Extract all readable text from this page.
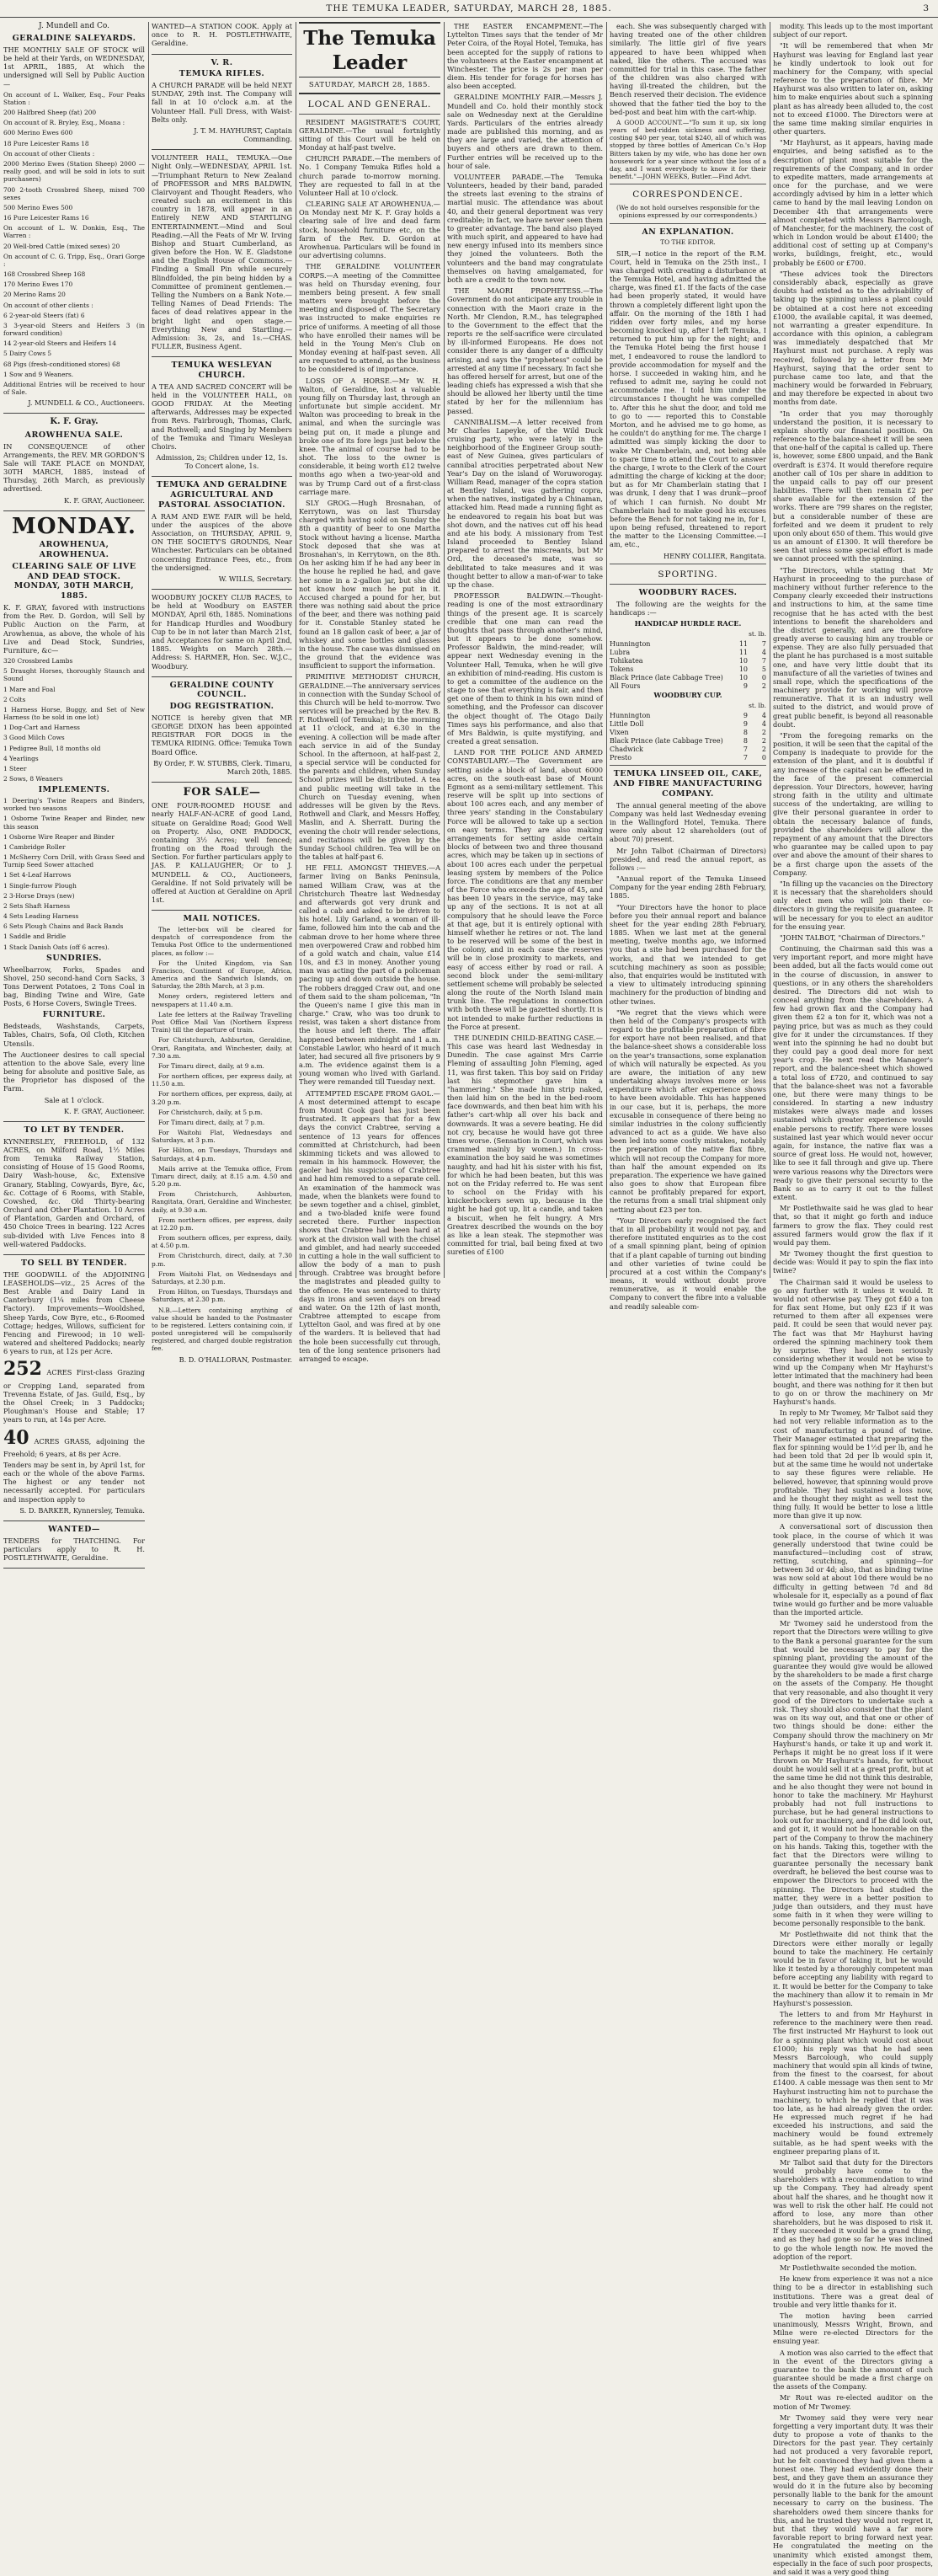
THE TEMUKA LEADER, SATURDAY, MARCH 28, 1885.	3

J. Mundell and Co.

GERALDINE SALEYARDS.

THE MONTHLY SALE OF STOCK will be held at their Yards, on WEDNESDAY, 1st APRIL, 1885, At which the undersigned will Sell by Public Auction—

On account of L. Walker, Esq., Four Peaks Station :

200 Halfbred Sheep (fat) 200

On account of R. Bryley, Esq., Moana :

600 Merino Ewes 600

18 Pure Leicester Rams 18

On account of other Clients :

2000 Merino Ewes (Station Sheep) 2000 —really good, and will be sold in lots to suit purchasers)

700 2-tooth Crossbred Sheep, mixed 700 sexes

500 Merino Ewes 500

16 Pure Leicester Rams 16

On account of L. W. Donkin, Esq., The Warren :

20 Well-bred Cattle (mixed sexes) 20

On account of C. G. Tripp, Esq., Orari Gorge :

168 Crossbred Sheep 168

170 Merino Ewes 170

20 Merino Rams 20

On account of other clients :

6 2-year-old Steers (fat) 6

3 3-year-old Steers and Heifers 3 (in forward condition)

14 2-year-old Steers and Heifers 14

5 Dairy Cows 5

68 Pigs (fresh-conditioned stores) 68

1 Sow and 9 Weaners.

Additional Entries will be received to hour of Sale.

J. MUNDELL & CO., Auctioneers.

K. F. Gray.

AROWHENUA SALE.

IN CONSEQUENCE of other Arrangements, the REV. MR GORDON'S Sale will TAKE PLACE on MONDAY, 30TH MARCH, 1885, instead of Thursday, 26th March, as previously advertised.

K. F. GRAY, Auctioneer.

MONDAY.

AROWHENUA, AROWHENUA.

CLEARING SALE OF LIVE AND DEAD STOCK. MONDAY, 30TH MARCH, 1885.

K. F. GRAY, favored with instructions from the Rev. D. Gordon, will Sell by Public Auction on the Farm, at Arowhenua, as above, the whole of his Live and Dead Stock, Sundries, Furniture, &c—

320 Crossbred Lambs

5 Draught Horses, thoroughly Staunch and Sound

1 Mare and Foal

2 Colts

1 Harness Horse, Buggy, and Set of New Harness (to be sold in one lot)

1 Dog-Cart and Harness

3 Good Milch Cows

1 Pedigree Bull, 18 months old

4 Yearlings

1 Steer

2 Sows, 8 Weaners

IMPLEMENTS.

1 Deering's Twine Reapers and Binders, worked two seasons

1 Osborne Twine Reaper and Binder, new this season

1 Osborne Wire Reaper and Binder

1 Cambridge Roller

1 McSherry Corn Drill, with Grass Seed and Turnip Seed Sower attached

1 Set 4-Leaf Harrows

1 Single-furrow Plough

2 3-Horse Drays (new)

2 Sets Shaft Harness

4 Sets Leading Harness

6 Sets Plough Chains and Back Bands

1 Saddle and Bridle

1 Stack Danish Oats (off 6 acres).

SUNDRIES.

Wheelbarrow, Forks, Spades and Shovel, 250 second-hand Corn Sacks, 3 Tons Derwent Potatoes, 2 Tons Coal in bag, Binding Twine and Wire, Gate Posts, 6 Horse Covers, Swingle Trees.

FURNITURE.

Bedsteads, Washstands, Carpets, Tables, Chairs, Sofa, Oil Cloth, Kitchen Utensils.

The Auctioneer desires to call special attention to the above Sale, every line being for absolute and positive Sale, as the Proprietor has disposed of the Farm.

Sale at 1 o'clock.

K. F. GRAY, Auctioneer.

TO LET BY TENDER.

KYNNERSLEY, FREEHOLD, of 132 ACRES, on Milford Road, 1½ Miles from Temuka Railway Station, consisting of House of 15 Good Rooms, Dairy Wash-house, &c, Extensive Granary, Stabling, Cowyards, Byre, &c, &c. Cottage of 6 Rooms, with Stable, Cowshed, &c. Old Thirty-bearing Orchard and Other Plantation. 10 Acres of Plantation, Garden and Orchard, of 450 Choice Trees in bearing. 122 Acres sub-divided with Live Fences into 8 well-watered Paddocks.

TO SELL BY TENDER.

THE GOODWILL of the ADJOINING LEASEHOLDS—viz., 25 Acres of the Best Arable and Dairy Land in Canterbury (1¼ miles from Cheese Factory). Improvements—Wooldshed, Sheep Yards, Cow Byre, etc., 6-Roomed Cottage; hedges, Willows, sufficient for Fencing and Firewood; in 10 well-watered and sheltered Paddocks; nearly 6 years to run, at 12s per Acre.

252 ACRES First-class Grazing or Cropping Land, separated from Trevenna Estate, of Jas. Guild, Esq., by the Ohsel Creek; in 3 Paddocks; Ploughman's House and Stable; 17 years to run, at 14s per Acre.

40 ACRES GRASS, adjoining the Freehold; 6 years, at 8s per Acre.

Tenders may be sent in, by April 1st, for each or the whole of the above Farms. The highest or any tender not necessarily accepted. For particulars and inspection apply to

S. D. BARKER, Kynnersley, Temuka.

WANTED—

TENDERS for THATCHING. For particulars apply to R. H. POSTLETHWAITE, Geraldine.

WANTED—A STATION COOK. Apply at once to R. H. POSTLETHWAITE, Geraldine.

V. R.

TEMUKA RIFLES.

A CHURCH PARADE will be held NEXT SUNDAY, 29th inst. The Company will fall in at 10 o'clock a.m. at the Volunteer Hall. Full Dress, with Waist-Belts only.

J. T. M. HAYHURST, Captain Commanding.

VOLUNTEER HALL, TEMUKA.—One Night Only.—WEDNESDAY, APRIL 1st.—Triumphant Return to New Zealand of PROFESSOR and MRS BALDWIN, Clairvoyant and Thought Readers, who created such an excitement in this country in 1878, will appear in an Entirely NEW AND STARTLING ENTERTAINMENT.—Mind and Soul Reading.—All the Feats of Mr W. Irving Bishop and Stuart Cumberland, as given before the Hon. W. E. Gladstone and the English House of Commons.—Finding a Small Pin while securely Blindfolded, the pin being hidden by a Committee of prominent gentlemen.—Telling the Numbers on a Bank Note.—Telling Names of Dead Friends: The faces of dead relatives appear in the bright light and open stage.—Everything New and Startling.—Admission: 3s, 2s, and 1s.—CHAS. FULLER, Business Agent.

TEMUKA WESLEYAN CHURCH.

A TEA AND SACRED CONCERT will be held in the VOLUNTEER HALL, on GOOD FRIDAY. At the Meeting afterwards, Addresses may be expected from Revs. Fairbrough, Thomas, Clark, and Rothwell; and Singing by Members of the Temuka and Timaru Wesleyan Choirs.

Admission, 2s; Children under 12, 1s. To Concert alone, 1s.

TEMUKA AND GERALDINE AGRICULTURAL AND PASTORAL ASSOCIATION.

A RAM AND EWE FAIR will be held, under the auspices of the above Association, on THURSDAY, APRIL 9, ON THE SOCIETY'S GROUNDS, Near Winchester. Particulars can be obtained concerning Entrance Fees, etc., from the undersigned.

W. WILLS, Secretary.

WOODBURY JOCKEY CLUB RACES, to be held at Woodbury on EASTER MONDAY, April 6th, 1885. Nominations for Handicap Hurdles and Woodbury Cup to be in not later than March 21st, and Acceptances for same on April 2nd, 1885. Weights on March 28th.—Address: S. HARMER, Hon. Sec. W.J.C., Woodbury.

GERALDINE COUNTY COUNCIL.

DOG REGISTRATION.

NOTICE is hereby given that MR GEORGE DIXON has been appointed REGISTRAR FOR DOGS in the TEMUKA RIDING. Office: Temuka Town Board Office.

By Order, F. W. STUBBS, Clerk. Timaru, March 20th, 1885.

FOR SALE—

ONE FOUR-ROOMED HOUSE and nearly HALF-AN-ACRE of good Land, situate on Geraldine Road; Good Well on Property. Also, ONE PADDOCK, containing 3½ Acres; well fenced; fronting on the Road through the Section. For further particulars apply to JAS. P. KALLAUGHER; Or to J. MUNDELL & CO., Auctioneers, Geraldine. If not Sold privately will be offered at Auction at Geraldine on April 1st.

MAIL NOTICES.

The letter-box will be cleared for despatch of correspondence from the Temuka Post Office to the undermentioned places, as follow :—

For the United Kingdom, via San Francisco, Continent of Europe, Africa, America and the Sandwich Islands, on Saturday, the 28th March, at 3 p.m.

Money orders, registered letters and newspapers at 11.40 a.m.

Late fee letters at the Railway Travelling Post Office Mail Van (Northern Express Train) till the departure of train.

For Christchurch, Ashburton, Geraldine, Orari, Rangitata, and Winchester, daily, at 7.30 a.m.

For Timaru direct, daily, at 9 a.m.

For northern offices, per express daily, at 11.50 a.m.

For northern offices, per express, daily, at 3.20 p.m.

For Christchurch, daily, at 5 p.m.

For Timaru direct, daily, at 7 p.m.

For Waitohi Flat, Wednesdays and Saturdays, at 3 p.m.

For Hilton, on Tuesdays, Thursdays and Saturdays, at 4 p.m.

Mails arrive at the Temuka office, From Timaru direct, daily, at 8.15 a.m. 4.50 and 5.20 p.m.

From Christchurch, Ashburton, Rangitata, Orari, Geraldine and Winchester, daily, at 9.30 a.m.

From northern offices, per express, daily at 12.20 p.m.

From southern offices, per express, daily, at 4.50 p.m.

From Christchurch, direct, daily, at 7.30 p.m.

From Waitohi Flat, on Wednesdays and Saturdays, at 2.30 p.m.

From Hilton, on Tuesdays, Thursdays and Saturdays, at 2.30 p.m.

N.B.—Letters containing anything of value should be handed to the Postmaster to be registered. Letters containing coin, if posted unregistered will be compulsorily registered, and charged double registration fee.

B. D. O'HALLORAN, Postmaster.

The Temuka Leader
SATURDAY, MARCH 28, 1885.
LOCAL AND GENERAL.

RESIDENT MAGISTRATE'S COURT, GERALDINE.—The usual fortnightly sitting of this Court will be held on Monday at half-past twelve.

CHURCH PARADE.—The members of No. 1 Company Temuka Rifles hold a church parade to-morrow morning. They are requested to fall in at the Volunteer Hall at 10 o'clock.

CLEARING SALE AT AROWHENUA.—On Monday next Mr K. F. Gray holds a clearing sale of live and dead farm stock, household furniture etc, on the farm of the Rev. D. Gordon at Arowhenua. Particulars will be found in our advertising columns.

THE GERALDINE VOLUNTEER CORPS.—A meeting of the Committee was held on Thursday evening, four members being present. A few small matters were brought before the meeting and disposed of. The Secretary was instructed to make enquiries re price of uniforms. A meeting of all those who have enrolled their names will be held in the Young Men's Club on Monday evening at half-past seven. All are requested to attend, as the business to be considered is of importance.

LOSS OF A HORSE.—Mr W. H. Walton, of Geraldine, lost a valuable young filly on Thursday last, through an unfortunate but simple accident. Mr Walton was proceeding to break in the animal, and when the surcingle was being put on, it made a plunge and broke one of its fore legs just below the knee. The animal of course had to be shot. The loss to the owner is considerable, it being worth £12 twelve months ago when a two-year-old and was by Trump Card out of a first-class carriage mare.

SLY GROG.—Hugh Brosnahan, of Kerrytown, was on last Thursday charged with having sold on Sunday the 8th a quantity of beer to one Martha Stock without having a license. Martha Stock deposed that she was at Brosnahan's, in Kerrytown, on the 8th. On her asking him if he had any beer in the house he replied he had, and gave her some in a 2-gallon jar, but she did not know how much he put in it. Accused charged a pound for her, but there was nothing said about the price of the beer, and there was nothing paid for it. Constable Stanley stated he found an 18 gallon cask of beer, a jar of whiskey and some bottles and glasses in the house. The case was dismissed on the ground that the evidence was insufficient to support the information.

PRIMITIVE METHODIST CHURCH, GERALDINE.—The anniversary services in connection with the Sunday School of this Church will be held to-morrow. Two services will be preached by the Rev. B. F. Rothwell (of Temuka); in the morning at 11 o'clock, and at 6.30 in the evening. A collection will be made after each service in aid of the Sunday School. In the afternoon, at half-past 2, a special service will be conducted for the parents and children, when Sunday School prizes will be distributed. A tea and public meeting will take in the Church on Tuesday evening, when addresses will be given by the Revs. Rothwell and Clark, and Messrs Hoffey, Maslin, and A. Sherratt. During the evening the choir will render selections, and recitations will be given by the Sunday School children. Tea will be on the tables at half-past 6.

HE FELL AMONGST THIEVES.—A farmer living on Banks Peninsula, named William Craw, was at the Christchurch Theatre last Wednesday and afterwards got very drunk and called a cab and asked to be driven to his hotel. Lily Garland, a woman of ill-fame, followed him into the cab and the cabman drove to her home where three men overpowered Craw and robbed him of a gold watch and chain, value £14 10s, and £3 in money. Another young man was acting the part of a policeman pacing up and down outside the house. The robbers dragged Craw out, and one of them said to the sham policeman, "In the Queen's name I give this man in charge." Craw, who was too drunk to resist, was taken a short distance from the house and left there. The affair happened between midnight and 1 a.m. Constable Lawlor, who heard of it much later, had secured all five prisoners by 9 a.m. The evidence against them is a young woman who lived with Garland. They were remanded till Tuesday next.

ATTEMPTED ESCAPE FROM GAOL.—A most determined attempt to escape from Mount Cook gaol has just been frustrated. It appears that for a few days the convict Crabtree, serving a sentence of 13 years for offences committed at Christchurch, had been skimming tickets and was allowed to remain in his hammock. However, the gaoler had his suspicions of Crabtree and had him removed to a separate cell. An examination of the hammock was made, when the blankets were found to be sewn together and a chisel, gimblet, and a two-bladed knife were found secreted there. Further inspection shows that Crabtree had been hard at work at the division wall with the chisel and gimblet, and had nearly succeeded in cutting a hole in the wall sufficient to allow the body of a man to push through. Crabtree was brought before the magistrates and pleaded guilty to the offence. He was sentenced to thirty days in irons and seven days on bread and water. On the 12th of last month, Crabtree attempted to escape from Lyttelton Gaol, and was fired at by one of the warders. It is believed that had the hole been successfully cut through, ten of the long sentence prisoners had arranged to escape.

THE EASTER ENCAMPMENT.—The Lyttelton Times says that the tender of Mr Peter Coira, of the Royal Hotel, Temuka, has been accepted for the supply of rations to the volunteers at the Easter encampment at Winchester. The price is 2s per man per diem. His tender for forage for horses has also been accepted.

GERALDINE MONTHLY FAIR.—Messrs J. Mundell and Co. hold their monthly stock sale on Wednesday next at the Geraldine Yards. Particulars of the entries already made are published this morning, and as they are large and varied, the attention of buyers and others are drawn to them. Further entries will be received up to the hour of sale.

VOLUNTEER PARADE.—The Temuka Volunteers, headed by their band, paraded the streets last evening to the strains of martial music. The attendance was about 40, and their general deportment was very creditable; in fact, we have never seen them to greater advantage. The band also played with much spirit, and appeared to have had new energy infused into its members since they joined the volunteers. Both the volunteers and the band may congratulate themselves on having amalgamated, for both are a credit to the town now.

THE MAORI PROPHETESS.—The Government do not anticipate any trouble in connection with the Maori craze in the North. Mr Clendon, R.M., has telegraphed to the Government to the effect that the reports re the self-sacrifice were circulated by ill-informed Europeans. He does not consider there is any danger of a difficulty arising, and says the "prophetess" could be arrested at any time if necessary. In fact she has offered herself for arrest, but one of the leading chiefs has expressed a wish that she should be allowed her liberty until the time stated by her for the millennium has passed.

CANNIBALISM.—A letter received from Mr Charles Lapeyke, of the Wild Duck cruising party, who were lately in the neighborhood of the Engineer Group south-east of New Guinea, gives particulars of cannibal atrocities perpetrated about New Year's Day on the island of Woruworogay. William Read, manager of the copra station at Bentley Island, was gathering copra, when the natives, instigated by a Chinaman, attacked him. Read made a running fight as he endeavored to regain his boat but was shot down, and the natives cut off his head and ate his body. A missionary from Test Island proceeded to Bentley Island prepared to arrest the miscreants, but Mr Ord, the deceased's mate, was so debilitated to take measures and it was thought better to allow a man-of-war to take up the chase.

PROFESSOR BALDWIN.—Thought-reading is one of the most extraordinary things of the present age. It is scarcely credible that one man can read the thoughts that pass through another's mind, but it appears to be done somehow. Professor Baldwin, the mind-reader, will appear next Wednesday evening in the Volunteer Hall, Temuka, when he will give an exhibition of mind-reading. His custom is to get a committee of the audience on the stage to see that everything is fair, and then get one of them to think in his own mind of something, and the Professor can discover the object thought of. The Otago Daily Times says his performance, and also that of Mrs Baldwin, is quite mystifying, and created a great sensation.

LAND FOR THE POLICE AND ARMED CONSTABULARY.—The Government are setting aside a block of land, about 6000 acres, on the south-east base of Mount Egmont as a semi-military settlement. This reserve will be split up into sections of about 100 acres each, and any member of three years' standing in the Constabulary Force will be allowed to take up a section on easy terms. They are also making arrangements for setting aside certain blocks of between two and three thousand acres, which may be taken up in sections of about 100 acres each under the perpetual leasing system by members of the Police force. The conditions are that any member of the Force who exceeds the age of 45, and has been 10 years in the service, may take up any of the sections. It is not at all compulsory that he should leave the Force at that age, but it is entirely optional with himself whether he retires or not. The land to be reserved will be some of the best in the colony, and in each case the reserves will be in close proximity to markets, and easy of access either by road or rail. A second block under the semi-military settlement scheme will probably be selected along the route of the North Island main trunk line. The regulations in connection with both these will be gazetted shortly. It is not intended to make further reductions in the Force at present.

THE DUNEDIN CHILD-BEATING CASE.—This case was heard last Wednesday in Dunedin. The case against Mrs Carrie Fleming of assaulting John Fleming, aged 11, was first taken. This boy said on Friday last his stepmother gave him a "hammering." She made him strip naked, then laid him on the bed in the bed-room face downwards, and then beat him with his father's cart-whip all over his back and downwards. It was a severe beating. He did not cry, because he would have got three times worse. (Sensation in Court, which was crammed mainly by women.) In cross-examination the boy said he was sometimes naughty, and had hit his sister with his fist, for which he had been beaten, but this was not on the Friday referred to. He was sent to school on the Friday with his knickerbockers sewn up, because in the night he had got up, lit a candle, and taken a biscuit, when he felt hungry. A Mrs Greatrex described the wounds on the boy as like a lean steak. The stepmother was committed for trial, bail being fixed at two sureties of £100

each. She was subsequently charged with having treated one of the other children similarly. The little girl of five years appeared to have been whipped when naked, like the others. The accused was committed for trial in this case. The father of the children was also charged with having ill-treated the children, but the Bench reserved their decision. The evidence showed that the father tied the boy to the bed-post and beat him with the cart-whip.

A GOOD ACCOUNT.—"To sum it up, six long years of bed-ridden sickness and suffering, costing $40 per year, total $240, all of which was stopped by three bottles of American Co.'s Hop Bitters taken by my wife, who has done her own housework for a year since without the loss of a day, and I want everybody to know it for their benefit."—JOHN WEEKS, Butler.—Find Advt.

CORRESPONDENCE.

(We do not hold ourselves responsible for the opinions expressed by our correspondents.)

AN EXPLANATION.

TO THE EDITOR.

SIR,—I notice in the report of the R.M. Court, held in Temuka on the 25th inst., I was charged with creating a disturbance at the Temuka Hotel, and having admitted the charge, was fined £1. If the facts of the case had been properly stated, it would have thrown a completely different light upon the affair. On the morning of the 18th I had ridden over forty miles, and my horse becoming knocked up, after I left Temuka, I returned to put him up for the night; and the Temuka Hotel being the first house I met, I endeavored to rouse the landlord to provide accommodation for myself and the horse. I succeeded in waking him, and he refused to admit me, saying he could not accommodate me. I told him under the circumstances I thought he was compelled to. After this he shut the door, and told me to go to —— reported this to Constable Morton, and he advised me to go home, as he couldn't do anything for me. The charge I admitted was simply kicking the door to wake Mr Chamberlain, and, not being able to spare time to attend the Court to answer the charge, I wrote to the Clerk of the Court admitting the charge of kicking at the door; but as for Mr Chamberlain stating that I was drunk, I deny that I was drunk—proof of which I can furnish. No doubt Mr Chamberlain had to make good his excuses before the Bench for not taking me in, for I, upon being refused, threatened to report the matter to the Licensing Committee.—I am, etc.,

HENRY COLLIER, Rangitata.

SPORTING.

WOODBURY RACES.

The following are the weights for the handicaps :—

HANDICAP HURDLE RACE.

st. lb.

Hunnington	11	7
Lubra	11	4
Tohikatea	10	7
Tokens	10	5
Black Prince (late Cabbage Tree)	10	0
All Fours	9	2

WOODBURY CUP.

st. lb.

Hunnington	9	4
Little Doll	9	4
Vixen	8	2
Black Prince (late Cabbage Tree)	8	2
Chadwick	7	2
Presto	7	0

TEMUKA LINSEED OIL, CAKE, AND FIBRE MANUFACTURING COMPANY.

The annual general meeting of the above Company was held last Wednesday evening in the Wallingford Hotel, Temuka. There were only about 12 shareholders (out of about 70) present.

Mr John Talbot (Chairman of Directors) presided, and read the annual report, as follows :—

"Annual report of the Temuka Linseed Company for the year ending 28th February, 1885.

"Your Directors have the honor to place before you their annual report and balance sheet for the year ending 28th February, 1885. When we last met at the general meeting, twelve months ago, we informed you that a site had been purchased for the works, and that we intended to get scutching machinery as soon as possible; also, that enquiries would be instituted with a view to ultimately introducing spinning machinery for the production of binding and other twines.

"We regret that the views which were then held of the Company's prospects with regard to the profitable preparation of fibre for export have not been realised, and that the balance-sheet shows a considerable loss on the year's transactions, some explanation of which will naturally be expected. As you are aware, the initiation of any new undertaking always involves more or less expenditure which after experience shows to have been avoidable. This has happened in our case, but it is, perhaps, the more excusable in consequence of there being no similar industries in the colony sufficiently advanced to act as a guide. We have also been led into some costly mistakes, notably the preparation of the native flax fibre, which will not recoup the Company for more than half the amount expended on its preparation. The experience we have gained also goes to show that European fibre cannot be profitably prepared for export, the returns from a small trial shipment only netting about £23 per ton.

"Your Directors early recognised the fact that in all probability it would not pay, and therefore instituted enquiries as to the cost of a small spinning plant, being of opinion that if a plant capable of turning out binding and other varieties of twine could be procured at a cost within the Company's means, it would without doubt prove remunerative, as it would enable the Company to convert the fibre into a valuable and readily saleable com-

modity. This leads up to the most important subject of our report.

"It will be remembered that when Mr Hayhurst was leaving for England last year he kindly undertook to look out for machinery for the Company, with special reference to the preparation of fibre. Mr Hayhurst was also written to later on, asking him to make enquiries about such a spinning plant as has already been alluded to, the cost not to exceed £1000. The Directors were at the same time making similar enquiries in other quarters.

"Mr Hayhurst, as it appears, having made enquiries, and being satisfied as to the description of plant most suitable for the requirements of the Company, and in order to expedite matters, made arrangements at once for the purchase, and we were accordingly advised by him in a letter which came to hand by the mail leaving London on December 4th that arrangements were almost completed with Messrs Barrcolough, of Manchester, for the machinery, the cost of which in London would be about £1400; the additional cost of setting up at Company's works, buildings, freight, etc., would probably be £600 or £700.

"These advices took the Directors considerably aback, especially as grave doubts had existed as to the advisability of taking up the spinning unless a plant could be obtained at a cost here not exceeding £1000, the available capital, it was deemed, not warranting a greater expenditure. In accordance with this opinion, a cablegram was immediately despatched that Mr Hayhurst must not purchase. A reply was received, followed by a letter from Mr Hayhurst, saying that the order sent to purchase came too late, and that the machinery would be forwarded in February, and may therefore be expected in about two months from date.

"In order that you may thoroughly understand the position, it is necessary to explain shortly our financial position. On reference to the balance-sheet it will be seen that one-half of the capital is called up. There is, however, some £800 unpaid, and the Bank overdraft is £374. It would therefore require another call of 10s per share in addition to the unpaid calls to pay off our present liabilities. There will then remain £2 per share available for the extension of the works. There are 799 shares on the register, but a considerable number of these are forfeited and we deem it prudent to rely upon only about 650 of them. This would give us an amount of £1300. It will therefore be seen that unless some special effort is made we cannot proceed with the spinning.

"The Directors, while stating that Mr Hayhurst in proceeding to the purchase of machinery without further reference to the Company clearly exceeded their instructions and instructions to him, at the same time recognise that he has acted with the best intentions to benefit the shareholders and the district generally, and are therefore greatly averse to causing him any trouble or expense. They are also fully persuaded that the plant he has purchased is a most suitable one, and have very little doubt that its manufacture of all the varieties of twines and small rope, which the specifications of the machinery provide for working will prove remunerative. That it is an industry well suited to the district, and would prove of great public benefit, is beyond all reasonable doubt.

"From the foregoing remarks on the position, it will be seen that the capital of the Company is inadequate to provide for the extension of the plant, and it is doubtful if any increase of the capital can be effected in the face of the present commercial depression. Your Directors, however, having strong faith in the utility and ultimate success of the undertaking, are willing to give their personal guarantee in order to obtain the necessary balance of funds, provided the shareholders will allow the repayment of any amount that the Directors who guarantee may be called upon to pay over and above the amount of their shares to be a first charge upon the assets of the Company.

"In filling up the vacancies on the Directory it is necessary that the shareholders should only elect men who will join their co-directors in giving the requisite guarantee. It will be necessary for you to elect an auditor for the ensuing year.

"JOHN TALBOT, "Chairman of Directors."

Continuing, the Chairman said this was a very important report, and more might have been added, but all the facts would come out in the course of discussion, in answer to questions, or in any others the shareholders desired. The Directors did not wish to conceal anything from the shareholders. A few had grown flax and the Company had given them £2 a ton for it, which was not a paying price, but was as much as they could give for it under the circumstances. If they went into the spinning he had no doubt but they could pay a good deal more for next year's crop. He next read the Manager's report, and the balance-sheet which showed a total loss of £720, and continued to say that the balance-sheet was not a favorable one, but there were many things to be considered. In starting a new industry mistakes were always made and losses sustained which greater experience would enable persons to rectify. There were losses sustained last year which would never occur again, for instance, the native flax was a source of great loss. He would not, however, like to see it fall through and give up. There were various reasons why the Directors were ready to give their personal security to the Bank so as to carry it out to the fullest extent.

Mr Postlethwaite said he was glad to hear that, so that it might go forth and induce farmers to grow the flax. They could rest assured farmers would grow the flax if it would pay them.

Mr Twomey thought the first question to decide was: Would it pay to spin the flax into twine?

The Chairman said it would be useless to go any further with it unless it would. It would not otherwise pay. They got £40 a ton for flax sent Home, but only £23 if it was returned to them after all expenses were paid. It could be seen that would never pay. The fact was that Mr Hayhurst having ordered the spinning machinery took them by surprise. They had been seriously considering whether it would not be wise to wind up the Company when Mr Hayhurst's letter intimated that the machinery had been bought, and there was nothing for it then but to go on or throw the machinery on Mr Hayhurst's hands.

In reply to Mr Twomey, Mr Talbot said they had not very reliable information as to the cost of manufacturing a pound of twine. Their Manager estimated that preparing the flax for spinning would be 1½d per lb, and he had been told that 2d per lb would spin it, but at the same time he would not undertake to say these figures were reliable. He believed, however, that spinning would prove profitable. They had sustained a loss now, and he thought they might as well test the thing fully. It would be better to lose a little more than give it up now.

A conversational sort of discussion then took place, in the course of which it was generally understood that twine could be manufactured—including cost of straw, retting, scutching, and spinning—for between 3d or 4d; also, that as binding twine was now sold at about 10d there would be no difficulty in getting between 7d and 8d wholesale for it, especially as a pound of flax twine would go further and be more valuable than the imported article.

Mr Twomey said he understood from the report that the Directors were willing to give to the Bank a personal guarantee for the sum that would be necessary to pay for the spinning plant, providing the amount of the guarantee they would give would be allowed by the shareholders to be made a first charge on the assets of the Company. He thought that very reasonable, and also thought it very good of the Directors to undertake such a risk. They should also consider that the plant was on its way out, and that one or other of two things should be done: either the Company should throw the machinery on Mr Hayhurst's hands, or take it up and work it. Perhaps it might be no great loss if it were thrown on Mr Hayhurst's hands, for without doubt he would sell it at a great profit, but at the same time he did not think this desirable, and he also thought they were not bound in honor to take the machinery. Mr Hayhurst probably had not full instructions to purchase, but he had general instructions to look out for machinery, and if he did look out, and got it, it would not be honorable on the part of the Company to throw the machinery on his hands. Taking this, together with the fact that the Directors were willing to guarantee personally the necessary bank overdraft, he believed the best course was to empower the Directors to proceed with the spinning. The Directors had studied the matter, they were in a better position to judge than outsiders, and they must have some faith in it when they were willing to become personally responsible to the bank.

Mr Postlethwaite did not think that the Directors were either morally or legally bound to take the machinery. He certainly would be in favor of taking it, but he would like it tested by a thoroughly competent man before accepting any liability with regard to it. It would be better for the Company to take the machinery than allow it to remain in Mr Hayhurst's possession.

The letters to and from Mr Hayhurst in reference to the machinery were then read. The first instructed Mr Hayhurst to look out for a spinning plant which would cost about £1000; his reply was that he had seen Messrs Barcolough, who could supply machinery that would spin all kinds of twine, from the finest to the coarsest, for about £1400. A cable message was then sent to Mr Hayhurst instructing him not to purchase the machinery, to which he replied that it was too late, as he had already given the order. He expressed much regret if he had exceeded his instructions, and said the machinery would be found extremely suitable, as he had spent weeks with the engineer preparing plans of it.

Mr Talbot said that duty for the Directors would probably have come to the shareholders with a recommendation to wind up the Company. They had already spent about half the shares, and he thought now it was well to risk the other half. He could not afford to lose, any more than other shareholders, but he was disposed to risk it. If they succeeded it would be a grand thing, and as they had gone so far he was inclined to go the whole length now. He moved the adoption of the report.

Mr Postlethwaite seconded the motion.

He knew from experience it was not a nice thing to be a director in establishing such institutions. There was a great deal of trouble and very little thanks for it.

The motion having been carried unanimously, Messrs Wright, Brown, and Milne were re-elected Directors for the ensuing year.

A motion was also carried to the effect that in the event of the Directors giving a guarantee to the bank the amount of such guarantee should be made a first charge on the assets of the Company.

Mr Rout was re-elected auditor on the motion of Mr Twomey.

Mr Twomey said they were very near forgetting a very important duty. It was their duty to propose a vote of thanks to the Directors for the past year. They certainly had not produced a very favorable report, but he felt convinced they had given them a honest one. They had evidently done their best, and they gave them an assurance they would do it in the future also by becoming personally liable to the bank for the amount necessary to carry on the business. The shareholders owed them sincere thanks for this, and he trusted they would not regret it, but that they would have a far more favorable report to bring forward next year. He congratulated the meeting on the unanimity which existed amongst them, especially in the face of such poor prospects, and said it was a very good thing
